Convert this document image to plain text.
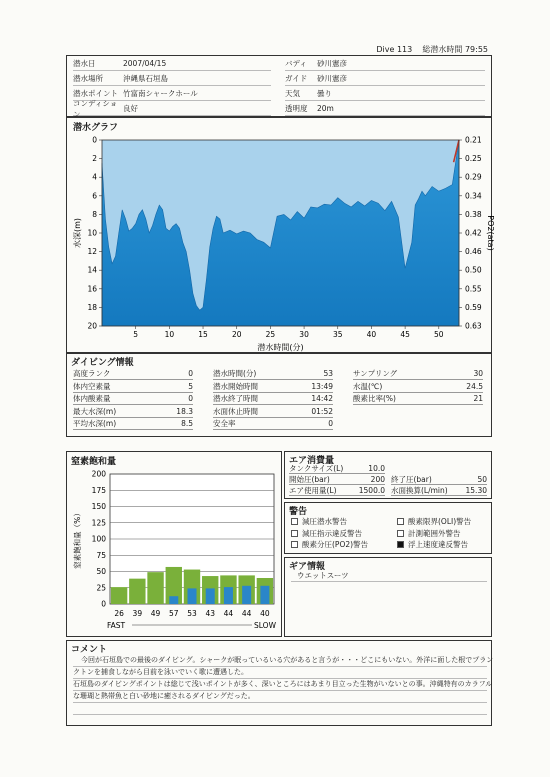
Dive 113 総潜水時間 79:55
潜水日	2007/04/15
潜水場所	沖縄県石垣島
潜水ポイント 竹富南シャークホール
コンディション
良好
バディ	砂川憲彦
ガイド	砂川憲彦
天気	曇り
透明度	20m
潜水グラフ
0
2
4
6
8
10
12
14
16
18
20
0.21
0.25
0.29
0.34
0.38
0.42
0.46
0.50
0.55
0.59
0.63
5	10	15	20	25	30	35	40	45	50
潜水時間(分)
水深(m)	PO2(ata)
ダイビング情報
高度ランク	0
体内空素量	5
体内酸素量	0
最大水深(m)	18.3
平均水深(m)	8.5
潜水時間(分)	53
潜水開始時間	13:49
潜水終了時間	14:42
水面休止時間	01:52
安全率	0
サンプリング	30
水温(℃)	24.5
酸素比率(%)	21
窒素飽和量
200
175
150
125
100
75
50
25
0
26 39 49 57 53 43 44 44 40
FAST	SLOW
窒素飽和量（%）
エア消費量
タンクサイズ(L)	10.0
開始圧(bar)	200 終了圧(bar)	50
エア使用量(L)	1500.0 水面換算(L/min)	15.30
警告
減圧潜水警告
減圧指示違反警告
酸素分圧(PO2)警告
酸素限界(OLI)警告
計測範囲外警告
浮上速度違反警告
ギア情報
ウエットスーツ
コメント
今回が石垣島での最後のダイビング。シャークが眠っているいる穴があると言うが・・・どこにもいない。外洋に面した根でプラン
クトンを捕食しながら目前を泳いでいく歌に遭遇した。
石垣島のダイビングポイントは総じて浅いポイントが多く、深いところにはあまり目立った生物がいないとの事。沖縄特有のカラフル
な珊瑚と熱帯魚と白い砂地に癒されるダイビングだった。
